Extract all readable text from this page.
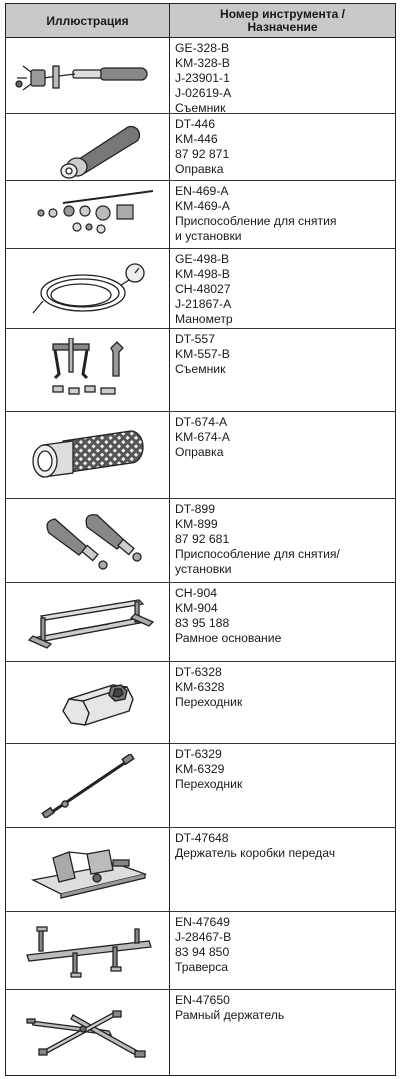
Иллюстрация	Номер инструмента /
Назначение
GE-328-B
KM-328-B
J-23901-1
J-02619-A
Съемник
DT-446
KM-446
87 92 871
Оправка
EN-469-A
KM-469-A
Приспособление для снятия
и установки
GE-498-B
KM-498-B
CH-48027
J-21867-A
Манометр
DT-557
KM-557-B
Съемник
DT-674-A
KM-674-A
Оправка
DT-899
KM-899
87 92 681
Приспособление для снятия/
установки
CH-904
KM-904
83 95 188
Рамное основание
DT-6328
KM-6328
Переходник
DT-6329
KM-6329
Переходник
DT-47648
Держатель коробки передач
EN-47649
J-28467-B
83 94 850
Траверса
EN-47650
Рамный держатель
